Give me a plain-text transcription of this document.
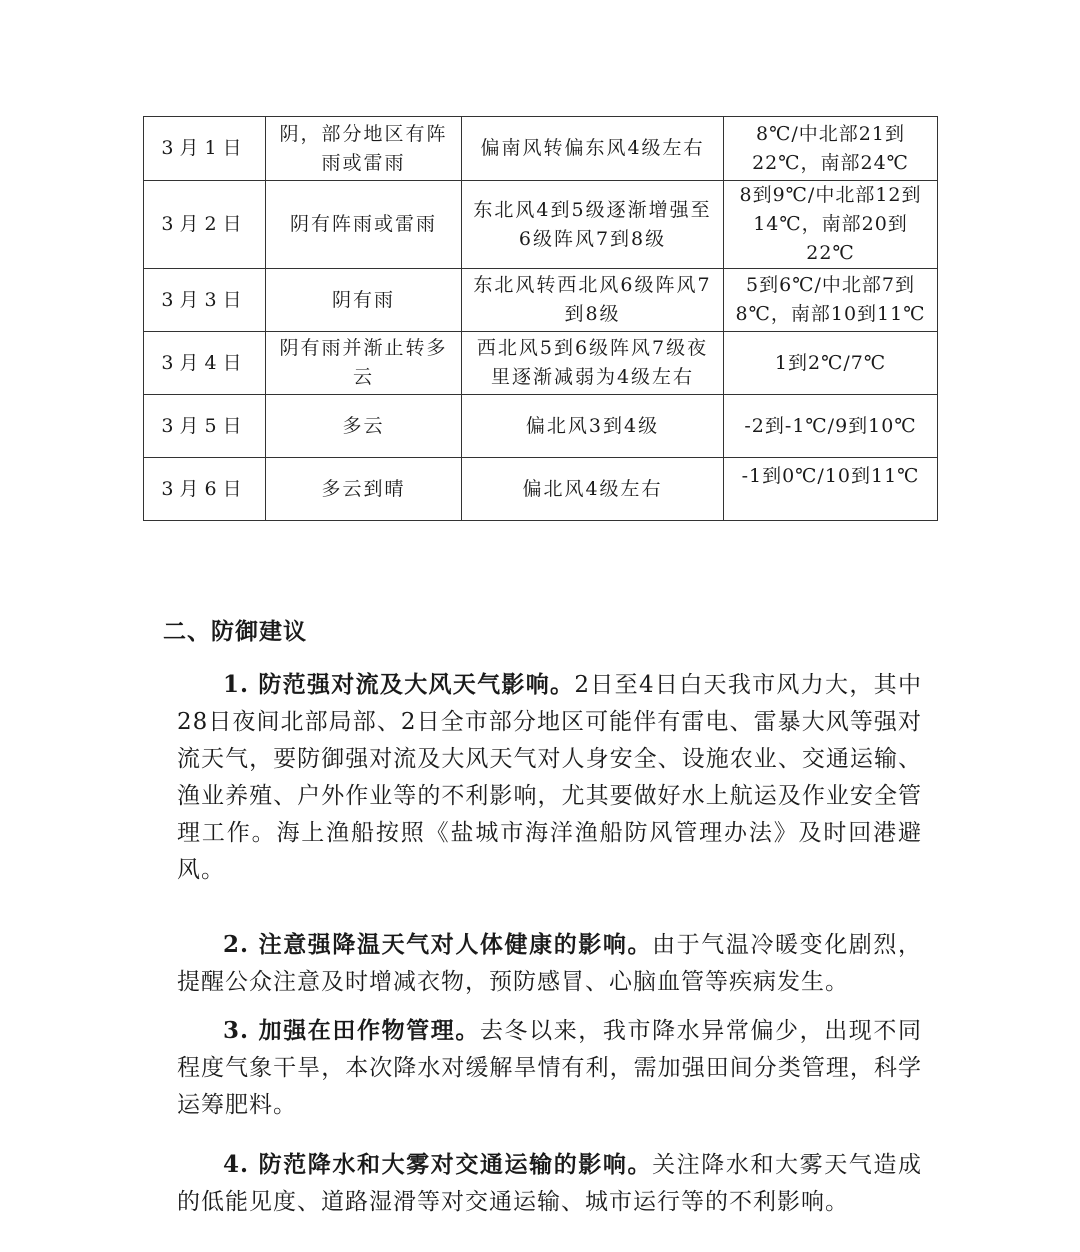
3月1日	阴，部分地区有阵雨或雷雨	偏南风转偏东风4级左右	8℃/中北部21到22℃，南部24℃
3月2日	阴有阵雨或雷雨	东北风4到5级逐渐增强至6级阵风7到8级	8到9℃/中北部12到14℃，南部20到22℃
3月3日	阴有雨	东北风转西北风6级阵风7到8级	5到6℃/中北部7到8℃，南部10到11℃
3月4日	阴有雨并渐止转多云	西北风5到6级阵风7级夜里逐渐减弱为4级左右	1到2℃/7℃
3月5日	多云	偏北风3到4级	-2到-1℃/9到10℃
3月6日	多云到晴	偏北风4级左右	-1到0℃/10到11℃
二、防御建议

1. 防范强对流及大风天气影响。2日至4日白天我市风力大，其中28日夜间北部局部、2日全市部分地区可能伴有雷电、雷暴大风等强对流天气，要防御强对流及大风天气对人身安全、设施农业、交通运输、渔业养殖、户外作业等的不利影响，尤其要做好水上航运及作业安全管理工作。海上渔船按照《盐城市海洋渔船防风管理办法》及时回港避风。

2. 注意强降温天气对人体健康的影响。由于气温冷暖变化剧烈，提醒公众注意及时增减衣物，预防感冒、心脑血管等疾病发生。

3. 加强在田作物管理。去冬以来，我市降水异常偏少，出现不同程度气象干旱，本次降水对缓解旱情有利，需加强田间分类管理，科学运筹肥料。

4. 防范降水和大雾对交通运输的影响。关注降水和大雾天气造成的低能见度、道路湿滑等对交通运输、城市运行等的不利影响。
